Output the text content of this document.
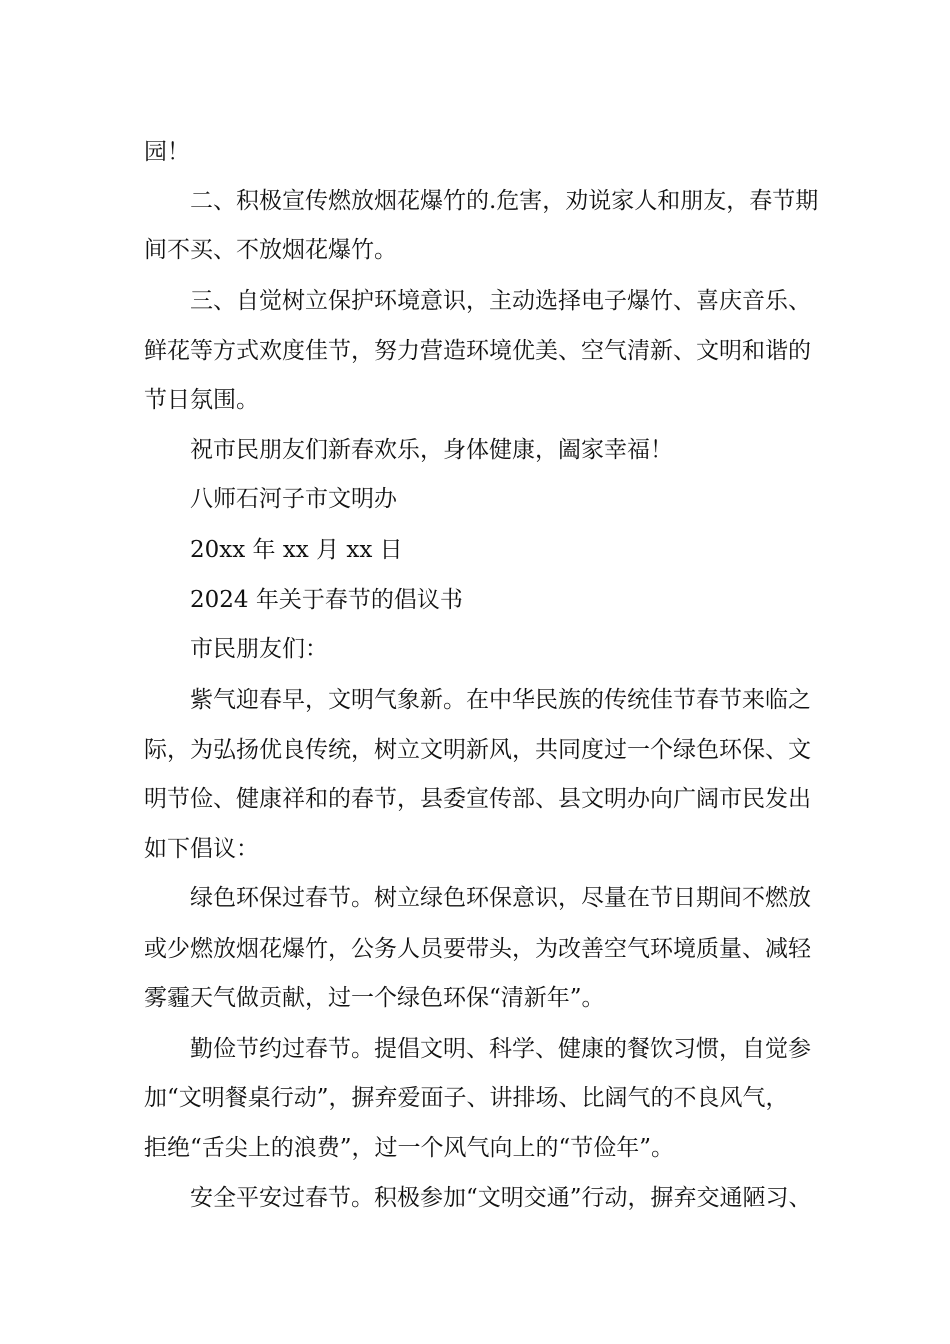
园！
二、积极宣传燃放烟花爆竹的.危害，劝说家人和朋友，春节期
间不买、不放烟花爆竹。
三、自觉树立保护环境意识，主动选择电子爆竹、喜庆音乐、
鲜花等方式欢度佳节，努力营造环境优美、空气清新、文明和谐的
节日氛围。
祝市民朋友们新春欢乐，身体健康，阖家幸福！
八师石河子市文明办
20xx 年 xx 月 xx 日
2024 年关于春节的倡议书
市民朋友们：
紫气迎春早，文明气象新。在中华民族的传统佳节春节来临之
际，为弘扬优良传统，树立文明新风，共同度过一个绿色环保、文
明节俭、健康祥和的春节，县委宣传部、县文明办向广阔市民发出
如下倡议：
绿色环保过春节。树立绿色环保意识，尽量在节日期间不燃放
或少燃放烟花爆竹，公务人员要带头，为改善空气环境质量、减轻
雾霾天气做贡献，过一个绿色环保“清新年”。
勤俭节约过春节。提倡文明、科学、健康的餐饮习惯，自觉参
加“文明餐桌行动”，摒弃爱面子、讲排场、比阔气的不良风气，
拒绝“舌尖上的浪费”，过一个风气向上的“节俭年”。
安全平安过春节。积极参加“文明交通”行动，摒弃交通陋习、
